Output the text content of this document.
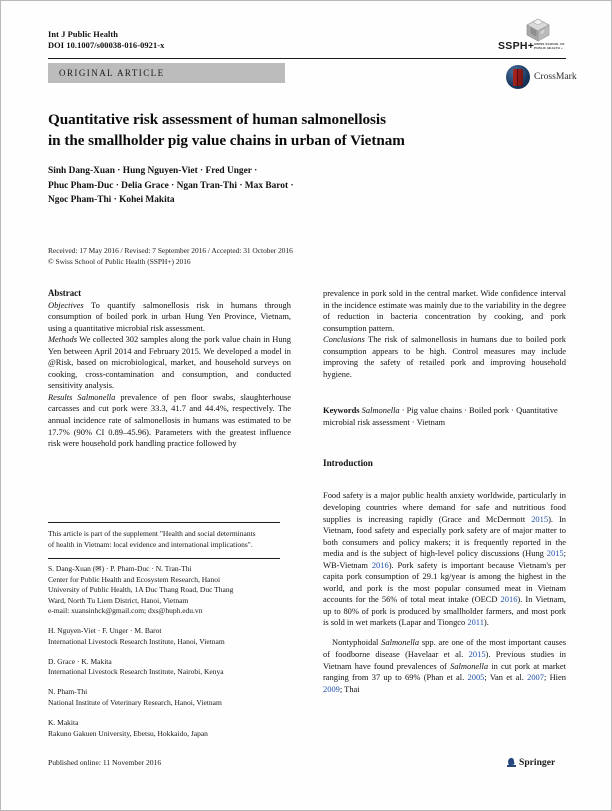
Int J Public Health
DOI 10.1007/s00038-016-0921-x
ORIGINAL ARTICLE
SSPH+ SWISS SCHOOL OF PUBLIC HEALTH +
CrossMark
Quantitative risk assessment of human salmonellosis
in the smallholder pig value chains in urban of Vietnam
Sinh Dang-Xuan · Hung Nguyen-Viet · Fred Unger ·
Phuc Pham-Duc · Delia Grace · Ngan Tran-Thi · Max Barot ·
Ngoc Pham-Thi · Kohei Makita
Received: 17 May 2016 / Revised: 7 September 2016 / Accepted: 31 October 2016
© Swiss School of Public Health (SSPH+) 2016

Abstract

Objectives To quantify salmonellosis risk in humans through consumption of boiled pork in urban Hung Yen Province, Vietnam, using a quantitative microbial risk assessment.

Methods We collected 302 samples along the pork value chain in Hung Yen between April 2014 and February 2015. We developed a model in @Risk, based on microbiological, market, and household surveys on cooking, cross-contamination and consumption, and conducted sensitivity analysis.

Results Salmonella prevalence of pen floor swabs, slaughterhouse carcasses and cut pork were 33.3, 41.7 and 44.4%, respectively. The annual incidence rate of salmonellosis in humans was estimated to be 17.7% (90% CI 0.89–45.96). Parameters with the greatest influence risk were household pork handling practice followed by

prevalence in pork sold in the central market. Wide confidence interval in the incidence estimate was mainly due to the variability in the degree of reduction in bacteria concentration by cooking, and pork consumption pattern.

Conclusions The risk of salmonellosis in humans due to boiled pork consumption appears to be high. Control measures may include improving the safety of retailed pork and improving household hygiene.

Keywords Salmonella · Pig value chains · Boiled pork · Quantitative microbial risk assessment · Vietnam
Introduction

Food safety is a major public health anxiety worldwide, particularly in developing countries where demand for safe and nutritious food supplies is increasing rapidly (Grace and McDermott 2015). In Vietnam, food safety and especially pork safety are of major matter to both consumers and policy makers; it is frequently reported in the media and is the subject of high-level policy discussions (Hung 2015; WB-Vietnam 2016). Pork safety is important because Vietnam's per capita pork consumption of 29.1 kg/year is among the highest in the world, and pork is the most popular consumed meat in Vietnam accounts for the 56% of total meat intake (OECD 2016). In Vietnam, up to 80% of pork is produced by smallholder farmers, and most pork is sold in wet markets (Lapar and Tiongco 2011).

Nontyphoidal Salmonella spp. are one of the most important causes of foodborne disease (Havelaar et al. 2015). Previous studies in Vietnam have found prevalences of Salmonella in cut pork at market ranging from 37 up to 69% (Phan et al. 2005; Van et al. 2007; Hien 2009; Thai

This article is part of the supplement "Health and social determinants
of health in Vietnam: local evidence and international implications".
S. Dang-Xuan (✉) · P. Pham-Duc · N. Tran-Thi
Center for Public Health and Ecosystem Research, Hanoi
University of Public Health, 1A Duc Thang Road, Duc Thang
Ward, North Tu Liem District, Hanoi, Vietnam
e-mail: xuansinhck@gmail.com; dxs@huph.edu.vn
H. Nguyen-Viet · F. Unger · M. Barot
International Livestock Research Institute, Hanoi, Vietnam
D. Grace · K. Makita
International Livestock Research Institute, Nairobi, Kenya
N. Pham-Thi
National Institute of Veterinary Research, Hanoi, Vietnam
K. Makita
Rakuno Gakuen University, Ebetsu, Hokkaido, Japan
Published online: 11 November 2016	Springer
